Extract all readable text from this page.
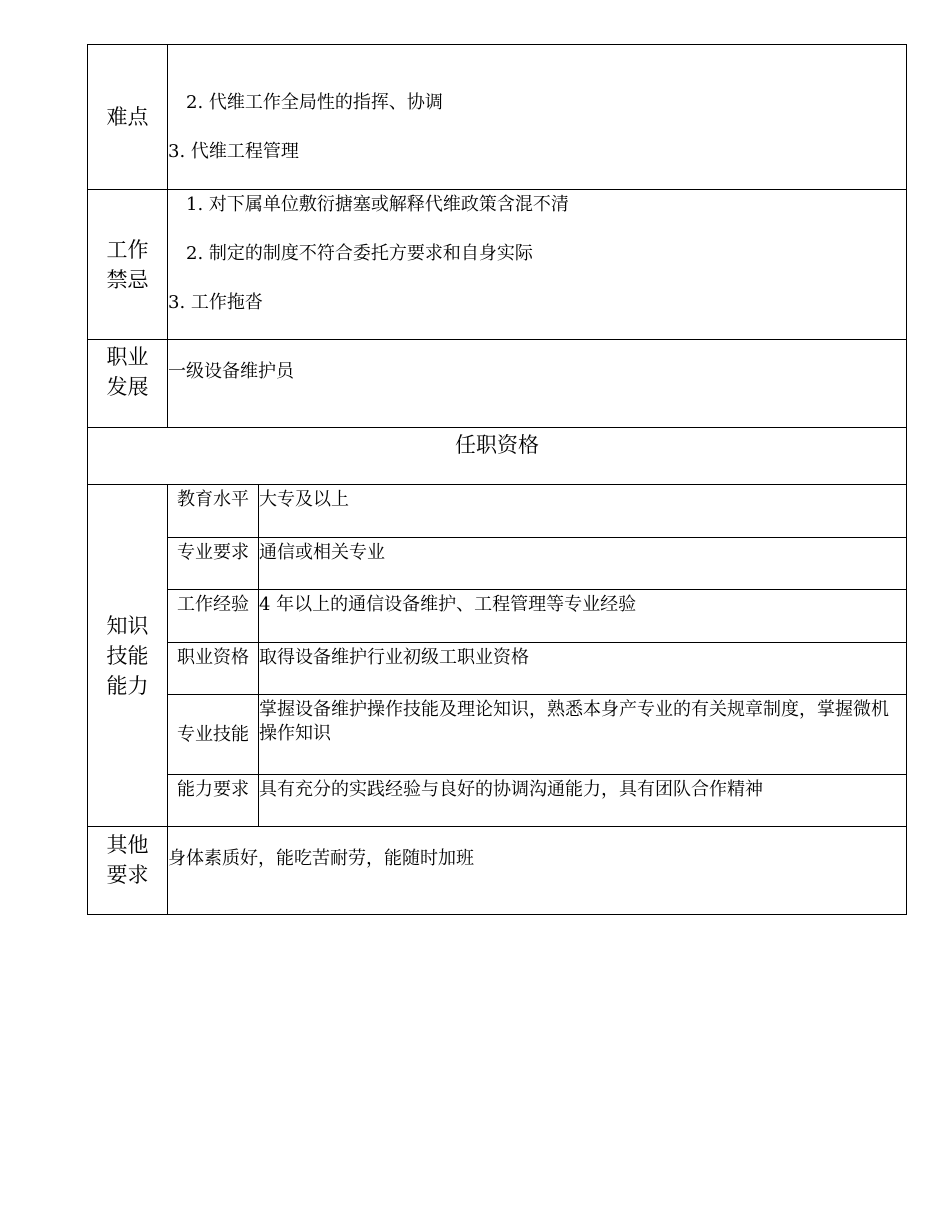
难点	2. 代维工作全局性的指挥、协调
3. 代维工程管理	

工作禁忌	1. 对下属单位敷衍搪塞或解释代维政策含混不清
2. 制定的制度不符合委托方要求和自身实际
3. 工作拖沓	

职业发展	一级设备维护员	

任职资格		

知识技能能力	教育水平	大专及以上

	专业要求	通信或相关专业

	工作经验	4 年以上的通信设备维护、工程管理等专业经验

	职业资格	取得设备维护行业初级工职业资格

	专业技能	掌握设备维护操作技能及理论知识，熟悉本身产专业的有关规章制度，掌握微机操作知识

	能力要求	具有充分的实践经验与良好的协调沟通能力，具有团队合作精神

其他要求	身体素质好，能吃苦耐劳，能随时加班	
